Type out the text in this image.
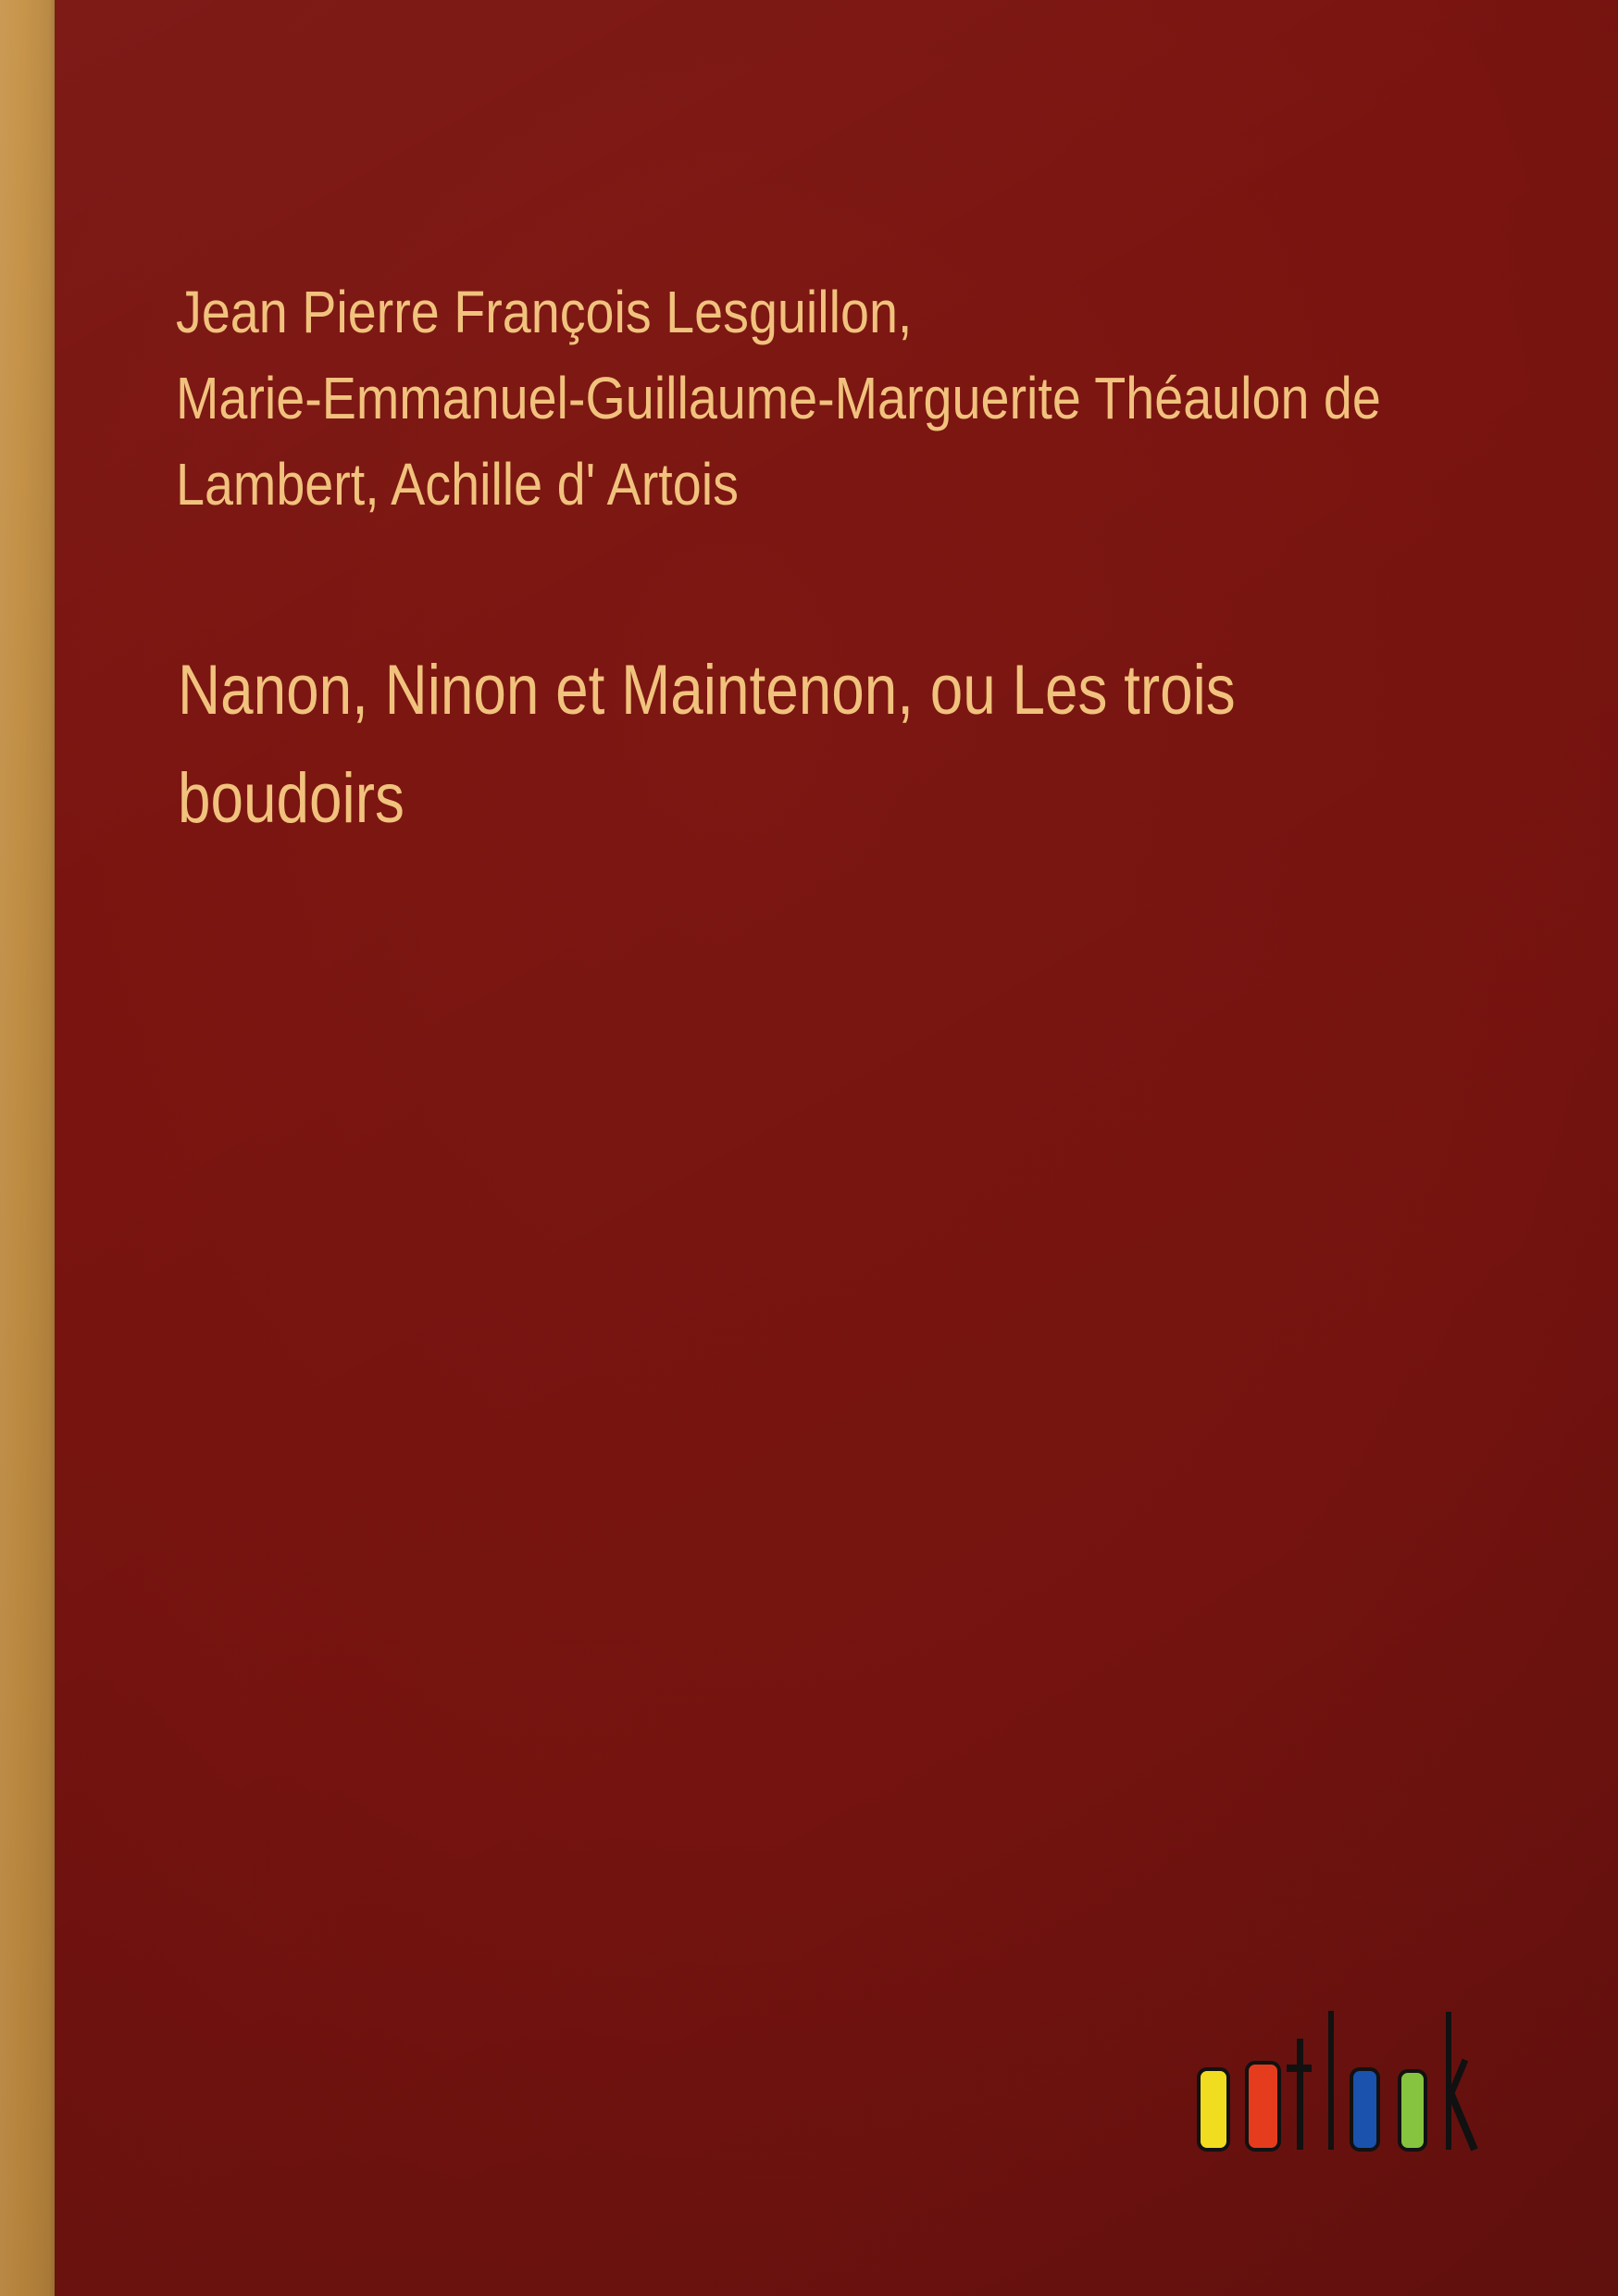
Jean Pierre François Lesguillon,
Marie-Emmanuel-Guillaume-Marguerite Théaulon de
Lambert, Achille d' Artois
Nanon, Ninon et Maintenon, ou Les trois
boudoirs
